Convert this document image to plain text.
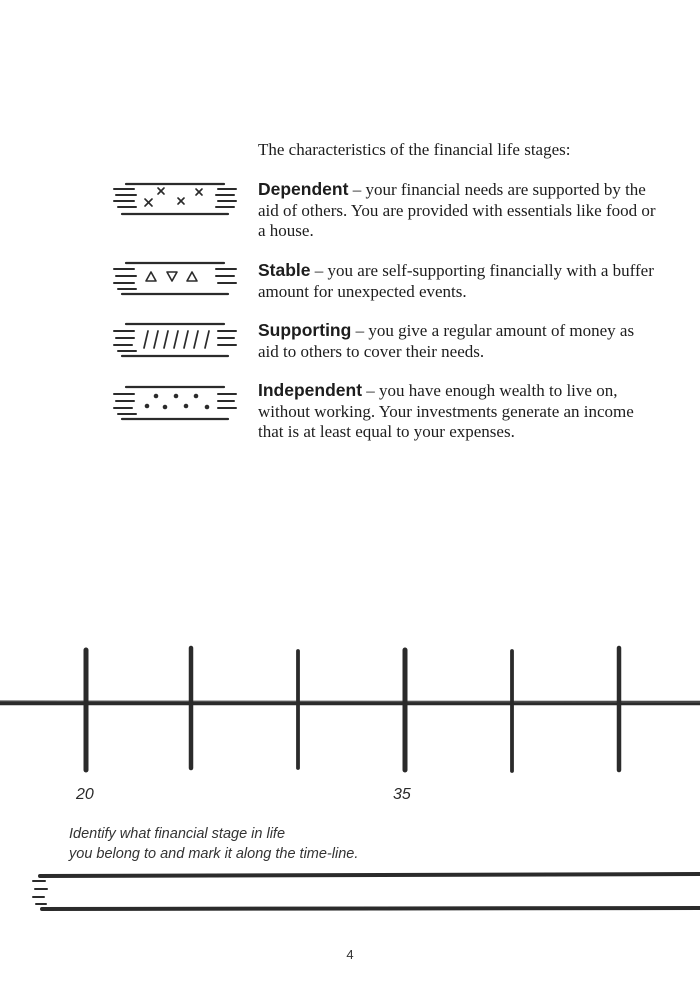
The characteristics of the financial life stages:

Dependent – your financial needs are supported by the aid of others. You are provided with essentials like food or a house.
Stable – you are self-supporting financially with a buffer amount for unexpected events.
Supporting – you give a regular amount of money as aid to others to cover their needs.
Independent – you have enough wealth to live on, without working. Your investments generate an income that is at least equal to your expenses.
20	35
Identify what financial stage in life
you belong to and mark it along the time-line.
4
